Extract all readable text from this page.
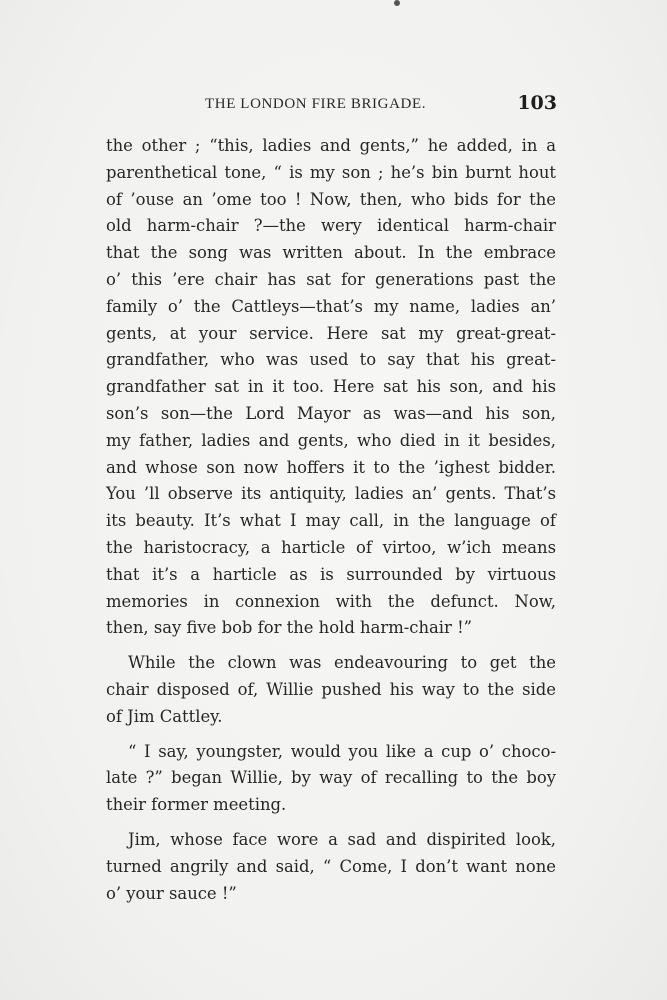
THE LONDON FIRE BRIGADE.	103
the other ; “this, ladies and gents,” he added, in a
parenthetical tone, “ is my son ; he’s bin burnt hout
of ’ouse an ’ome too ! Now, then, who bids for the
old harm-chair ?—the wery identical harm-chair
that the song was written about. In the embrace
o’ this ’ere chair has sat for generations past the
family o’ the Cattleys—that’s my name, ladies an’
gents, at your service. Here sat my great-great-
grandfather, who was used to say that his great-
grandfather sat in it too. Here sat his son, and his
son’s son—the Lord Mayor as was—and his son,
my father, ladies and gents, who died in it besides,
and whose son now hoffers it to the ’ighest bidder.
You ’ll observe its antiquity, ladies an’ gents. That’s
its beauty. It’s what I may call, in the language of
the haristocracy, a harticle of virtoo, w’ich means
that it’s a harticle as is surrounded by virtuous
memories in connexion with the defunct. Now,
then, say five bob for the hold harm-chair !”
While the clown was endeavouring to get the
chair disposed of, Willie pushed his way to the side
of Jim Cattley.
“ I say, youngster, would you like a cup o’ choco-
late ?” began Willie, by way of recalling to the boy
their former meeting.
Jim, whose face wore a sad and dispirited look,
turned angrily and said, “ Come, I don’t want none
o’ your sauce !”
